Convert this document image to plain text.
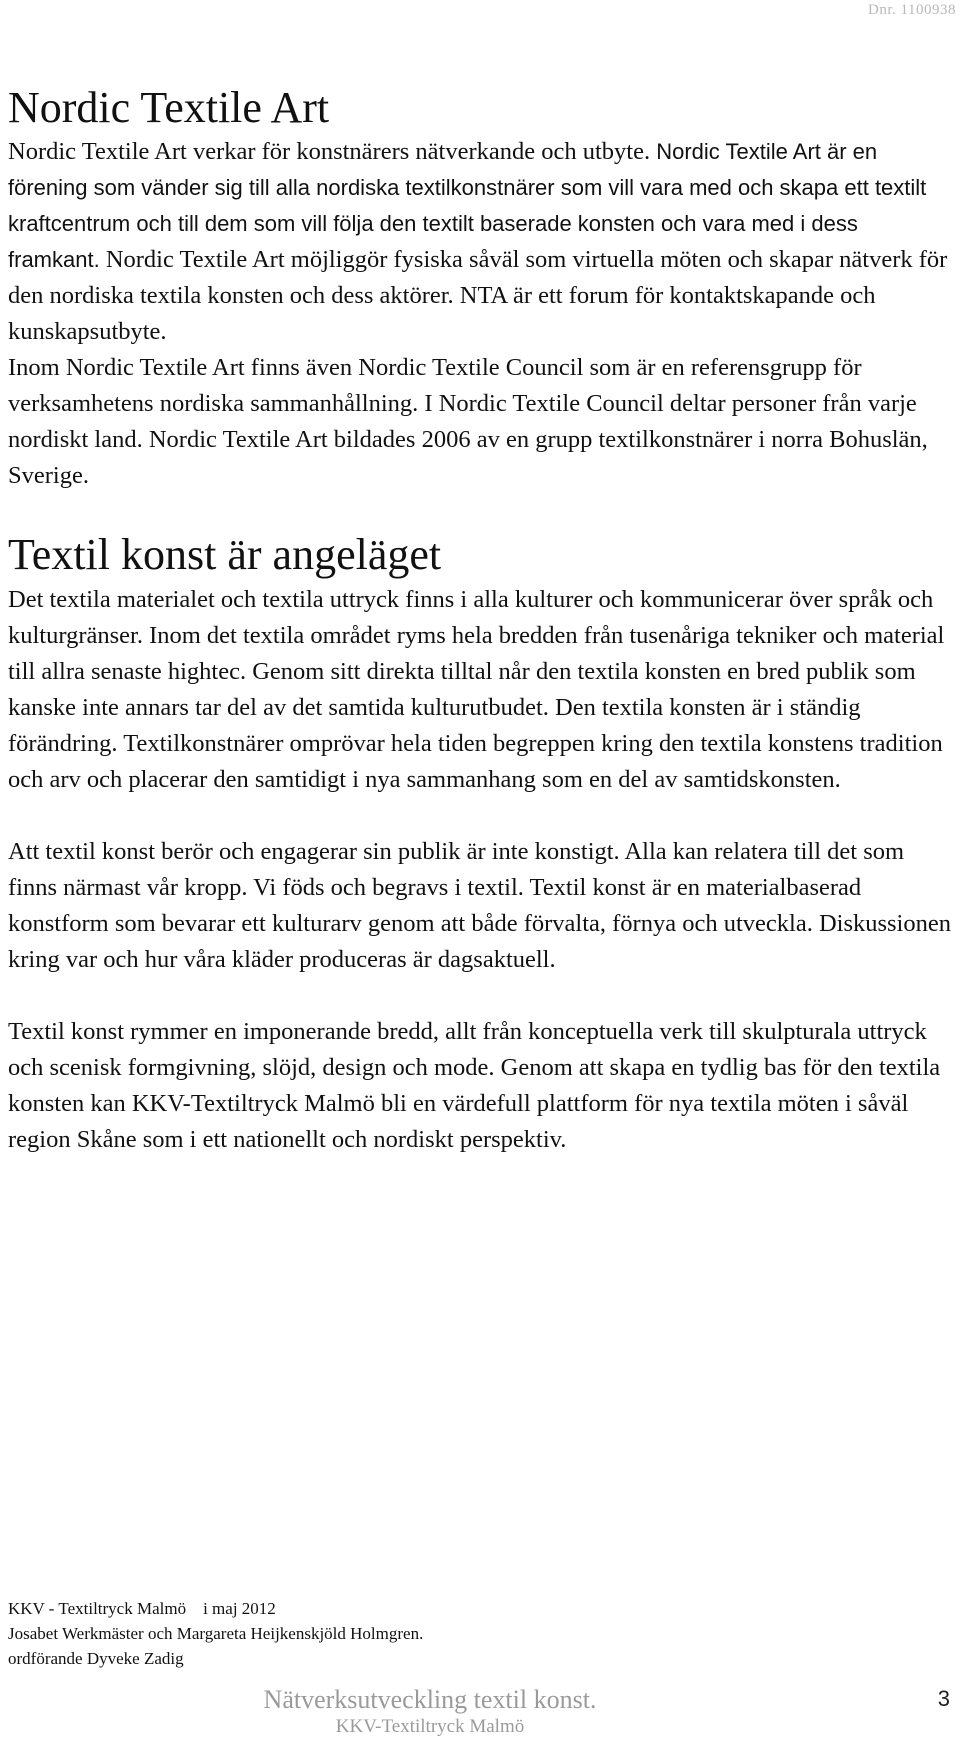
Dnr. 1100938
Nordic Textile Art

Nordic Textile Art verkar för konstnärers nätverkande och utbyte. Nordic Textile Art är en förening som vänder sig till alla nordiska textilkonstnärer som vill vara med och skapa ett textilt kraftcentrum och till dem som vill följa den textilt baserade konsten och vara med i dess framkant. Nordic Textile Art möjliggör fysiska såväl som virtuella möten och skapar nätverk för den nordiska textila konsten och dess aktörer. NTA är ett forum för kontaktskapande och kunskapsutbyte.

Inom Nordic Textile Art finns även Nordic Textile Council som är en referensgrupp för verksamhetens nordiska sammanhållning. I Nordic Textile Council deltar personer från varje nordiskt land. Nordic Textile Art bildades 2006 av en grupp textilkonstnärer i norra Bohuslän, Sverige.

Textil konst är angeläget

Det textila materialet och textila uttryck finns i alla kulturer och kommunicerar över språk och kulturgränser. Inom det textila området ryms hela bredden från tusenåriga tekniker och material till allra senaste hightec. Genom sitt direkta tilltal når den textila konsten en bred publik som kanske inte annars tar del av det samtida kulturutbudet. Den textila konsten är i ständig förändring. Textilkonstnärer omprövar hela tiden begreppen kring den textila konstens tradition och arv och placerar den samtidigt i nya sammanhang som en del av samtidskonsten.

Att textil konst berör och engagerar sin publik är inte konstigt. Alla kan relatera till det som finns närmast vår kropp. Vi föds och begravs i textil. Textil konst är en materialbaserad konstform som bevarar ett kulturarv genom att både förvalta, förnya och utveckla. Diskussionen kring var och hur våra kläder produceras är dagsaktuell.

Textil konst rymmer en imponerande bredd, allt från konceptuella verk till skulpturala uttryck och scenisk formgivning, slöjd, design och mode. Genom att skapa en tydlig bas för den textila konsten kan KKV-Textiltryck Malmö bli en värdefull plattform för nya textila möten i såväl region Skåne som i ett nationellt och nordiskt perspektiv.

KKV - Textiltryck Malmö    i maj 2012
Josabet Werkmäster och Margareta Heijkenskjöld Holmgren.
ordförande Dyveke Zadig
Nätverksutveckling textil konst.
KKV-Textiltryck Malmö
3
